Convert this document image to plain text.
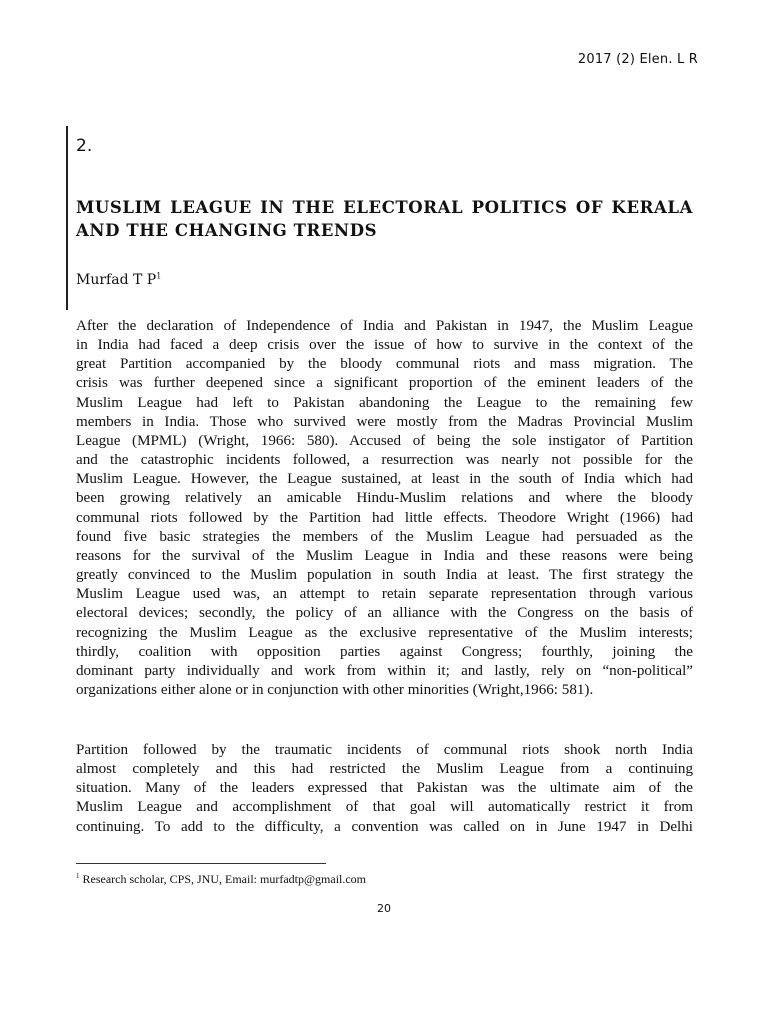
2017 (2) Elen. L R
2.
MUSLIM LEAGUE IN THE ELECTORAL POLITICS OF KERALA AND THE CHANGING TRENDS
Murfad T $P^1$
After the declaration of Independence of India and Pakistan in 1947, the Muslim League
in India had faced a deep crisis over the issue of how to survive in the context of the
great Partition accompanied by the bloody communal riots and mass migration. The
crisis was further deepened since a significant proportion of the eminent leaders of the
Muslim League had left to Pakistan abandoning the League to the remaining few
members in India. Those who survived were mostly from the Madras Provincial Muslim
League (MPML) (Wright, 1966: 580). Accused of being the sole instigator of Partition
and the catastrophic incidents followed, a resurrection was nearly not possible for the
Muslim League. However, the League sustained, at least in the south of India which had
been growing relatively an amicable Hindu-Muslim relations and where the bloody
communal riots followed by the Partition had little effects. Theodore Wright (1966) had
found five basic strategies the members of the Muslim League had persuaded as the
reasons for the survival of the Muslim League in India and these reasons were being
greatly convinced to the Muslim population in south India at least. The first strategy the
Muslim League used was, an attempt to retain separate representation through various
electoral devices; secondly, the policy of an alliance with the Congress on the basis of
recognizing the Muslim League as the exclusive representative of the Muslim interests;
thirdly, coalition with opposition parties against Congress; fourthly, joining the
dominant party individually and work from within it; and lastly, rely on “non-political”
organizations either alone or in conjunction with other minorities (Wright,1966: 581).
Partition followed by the traumatic incidents of communal riots shook north India
almost completely and this had restricted the Muslim League from a continuing
situation. Many of the leaders expressed that Pakistan was the ultimate aim of the
Muslim League and accomplishment of that goal will automatically restrict it from
continuing. To add to the difficulty, a convention was called on in June 1947 in Delhi
$^1$ Research scholar, CPS, JNU, Email: murfadtp@gmail.com
20
